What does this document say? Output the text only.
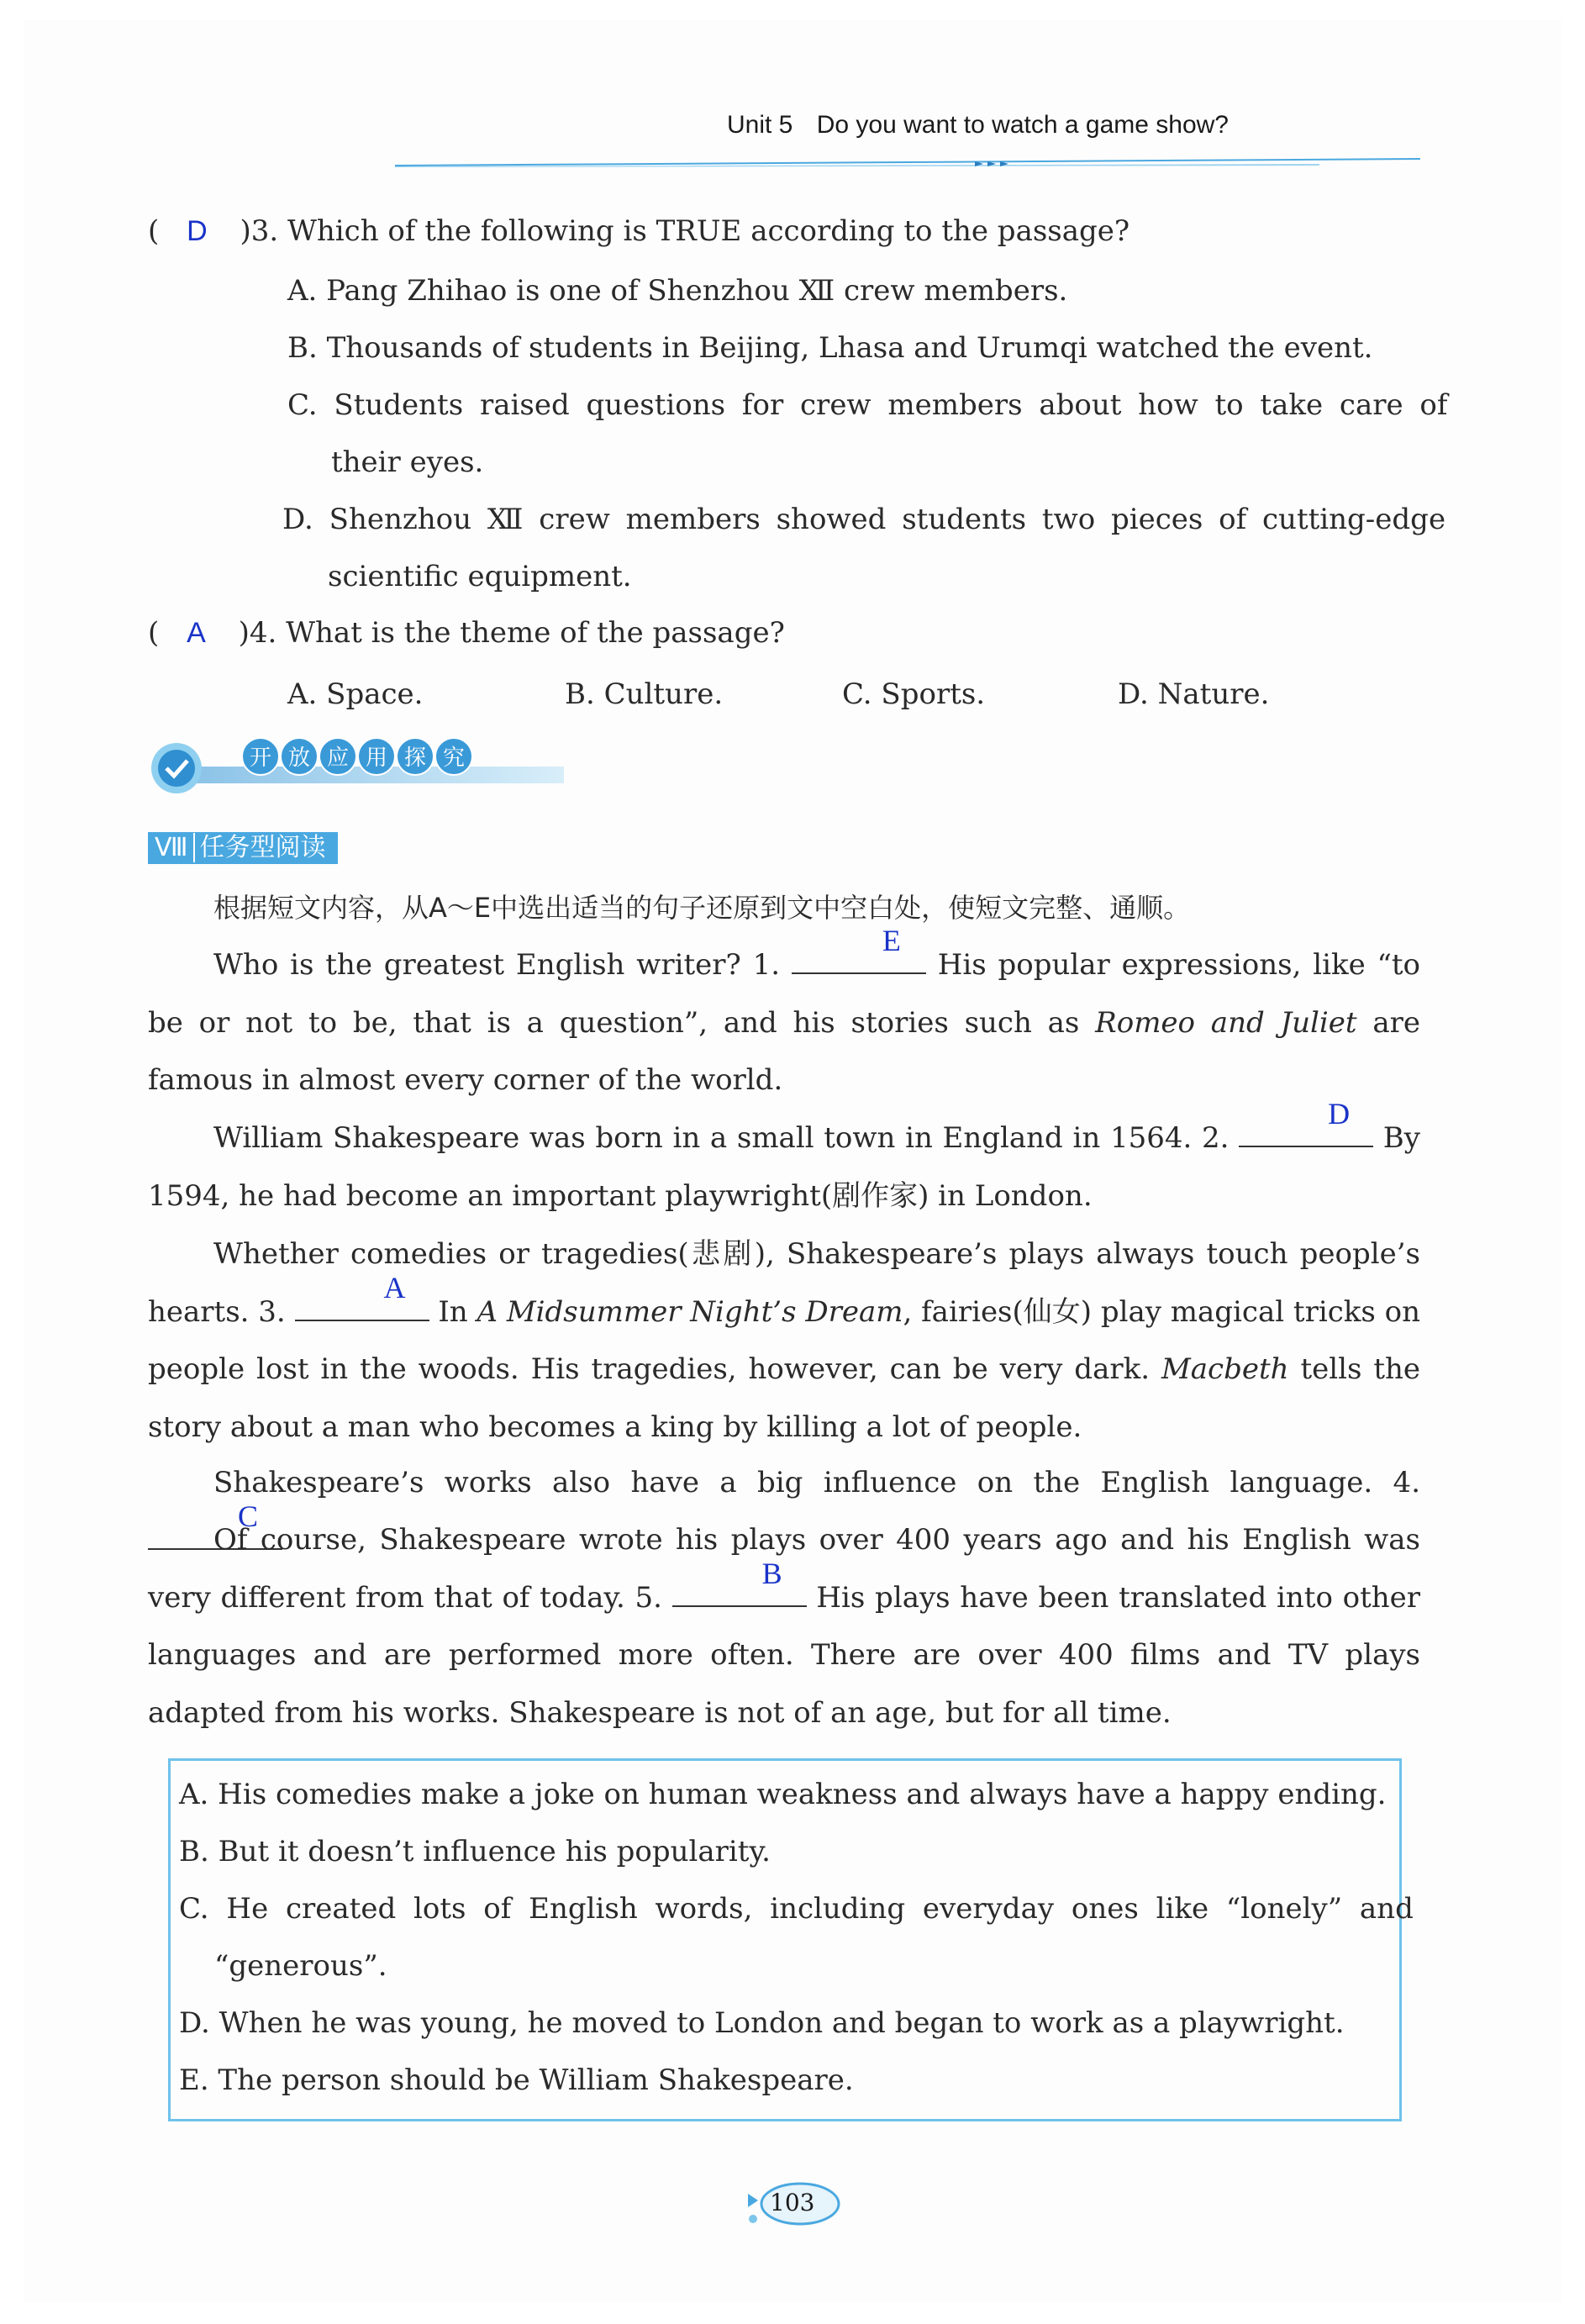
Unit 5 Do you want to watch a game show?
( D )3. Which of the following is TRUE according to the passage?
A. Pang Zhihao is one of Shenzhou Ⅻ crew members.
B. Thousands of students in Beijing, Lhasa and Urumqi watched the event.
C. Students raised questions for crew members about how to take care of
their eyes.
D. Shenzhou Ⅻ crew members showed students two pieces of cutting-edge
scientific equipment.
( A )4. What is the theme of the passage?
A. Space.	B. Culture.	C. Sports.	D. Nature.
开 放 应 用 探 究
Ⅷ 任务型阅读
根据短文内容，从A～E中选出适当的句子还原到文中空白处，使短文完整、通顺。
Who is the greatest English writer? 1.
E
His popular expressions, like “to be or not to be, that is a question”, and his stories such as Romeo and Juliet are famous in almost every corner of the world.
William Shakespeare was born in a small town in England in 1564. 2.
D
By 1594, he had become an important playwright(剧作家) in London.
Whether comedies or tragedies(悲剧), Shakespeare’s plays always touch people’s hearts. 3.
A
In A Midsummer Night’s Dream, fairies(仙女) play magical tricks on people lost in the woods. His tragedies, however, can be very dark. Macbeth tells the story about a man who becomes a king by killing a lot of people.
Shakespeare’s works also have a big influence on the English language. 4.
C
Of course, Shakespeare wrote his plays over 400 years ago and his English was very different from that of today. 5.
B
His plays have been translated into other languages and are performed more often. There are over 400 films and TV plays adapted from his works. Shakespeare is not of an age, but for all time.
A. His comedies make a joke on human weakness and always have a happy ending.
B. But it doesn’t influence his popularity.
C. He created lots of English words, including everyday ones like “lonely” and
“generous”.
D. When he was young, he moved to London and began to work as a playwright.
E. The person should be William Shakespeare.
103
